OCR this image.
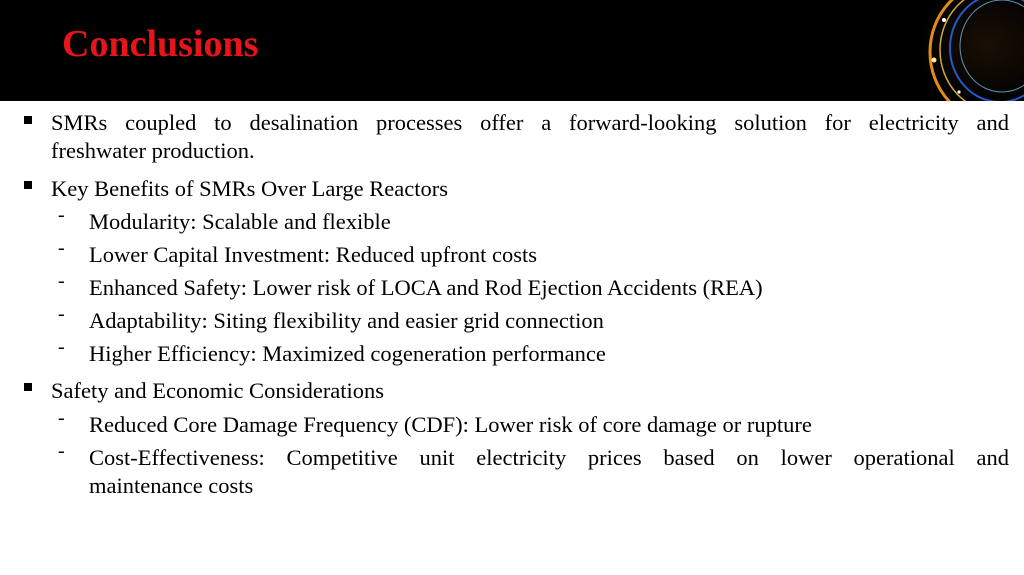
Conclusions
SMRs coupled to desalination processes offer a forward-looking solution for electricity and
freshwater production.
Key Benefits of SMRs Over Large Reactors
- Modularity: Scalable and flexible
- Lower Capital Investment: Reduced upfront costs
- Enhanced Safety: Lower risk of LOCA and Rod Ejection Accidents (REA)
- Adaptability: Siting flexibility and easier grid connection
- Higher Efficiency: Maximized cogeneration performance
Safety and Economic Considerations
- Reduced Core Damage Frequency (CDF): Lower risk of core damage or rupture
- Cost-Effectiveness: Competitive unit electricity prices based on lower operational and
maintenance costs
